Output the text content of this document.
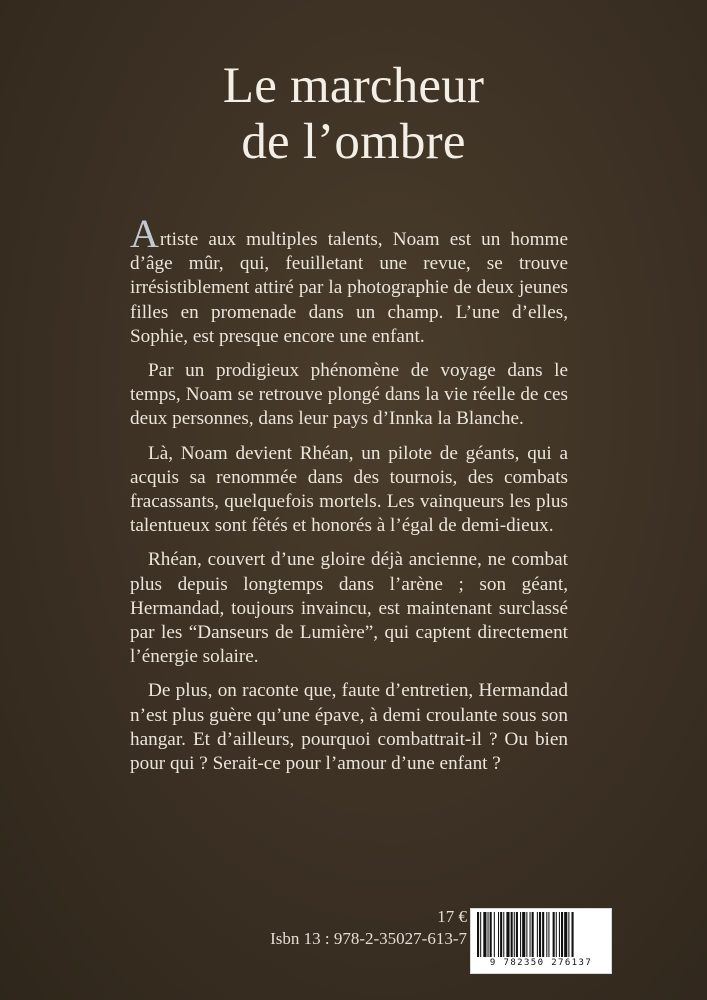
Le marcheur
de l’ombre

Artiste aux multiples talents, Noam est un homme d’âge mûr, qui, feuilletant une revue, se trouve irrésistiblement attiré par la photographie de deux jeunes filles en promenade dans un champ. L’une d’elles, Sophie, est presque encore une enfant.

Par un prodigieux phénomène de voyage dans le temps, Noam se retrouve plongé dans la vie réelle de ces deux personnes, dans leur pays d’Innka la Blanche.

Là, Noam devient Rhéan, un pilote de géants, qui a acquis sa renommée dans des tournois, des combats fracassants, quelquefois mortels. Les vainqueurs les plus talentueux sont fêtés et honorés à l’égal de demi-dieux.

Rhéan, couvert d’une gloire déjà ancienne, ne combat plus depuis longtemps dans l’arène ; son géant, Hermandad, toujours invaincu, est maintenant surclassé par les “Danseurs de Lumière”, qui captent directement l’énergie solaire.

De plus, on raconte que, faute d’entretien, Hermandad n’est plus guère qu’une épave, à demi croulante sous son hangar. Et d’ailleurs, pourquoi combattrait-il ? Ou bien pour qui ? Serait-ce pour l’amour d’une enfant ?

17 €
Isbn 13 : 978-2-35027-613-7
9 782350 276137
